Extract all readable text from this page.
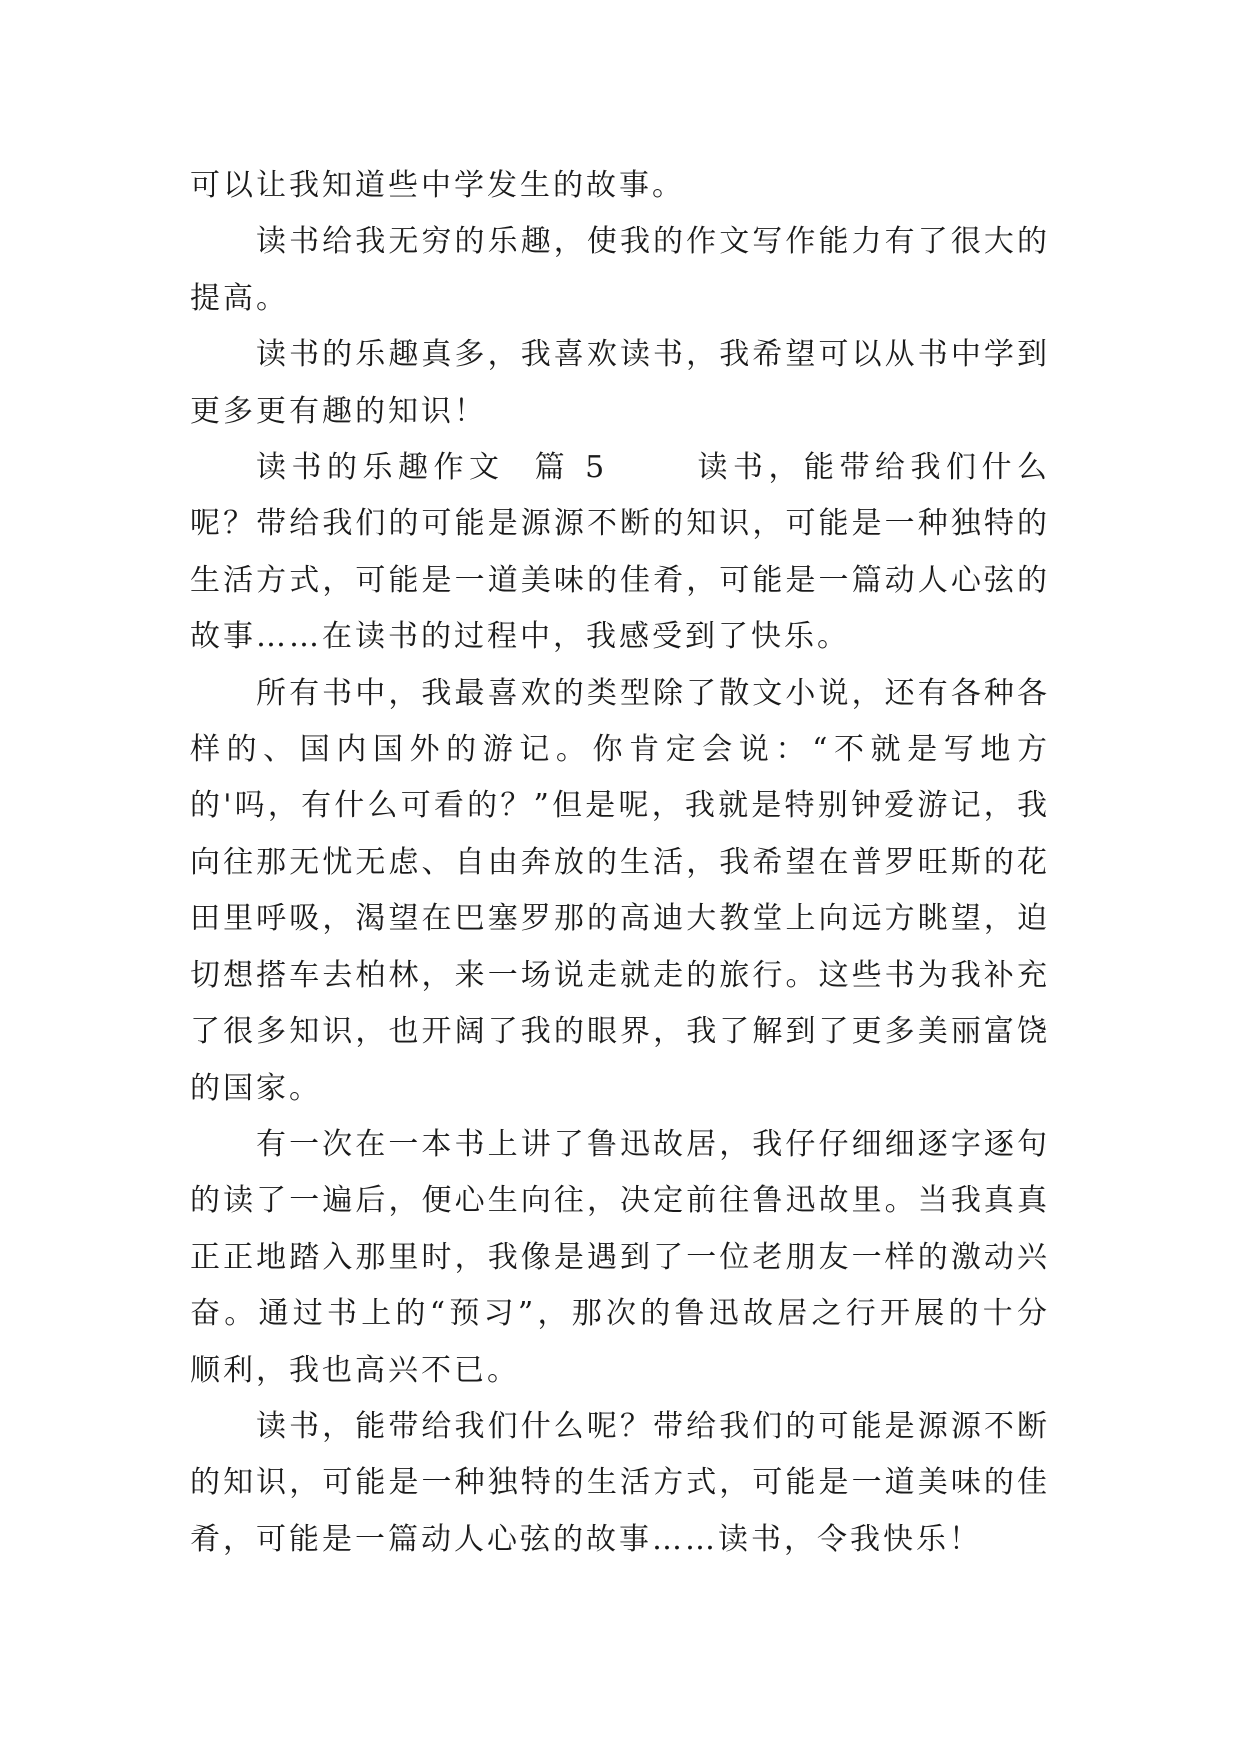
可以让我知道些中学发生的故事。

读书给我无穷的乐趣，使我的作文写作能力有了很大的提高。

读书的乐趣真多，我喜欢读书，我希望可以从书中学到更多更有趣的知识！

读书的乐趣作文  篇 5      读书，能带给我们什么呢？带给我们的可能是源源不断的知识，可能是一种独特的生活方式，可能是一道美味的佳肴，可能是一篇动人心弦的故事……在读书的过程中，我感受到了快乐。

所有书中，我最喜欢的类型除了散文小说，还有各种各样的、国内国外的游记。你肯定会说：“不就是写地方的'吗，有什么可看的？”但是呢，我就是特别钟爱游记，我向往那无忧无虑、自由奔放的生活，我希望在普罗旺斯的花田里呼吸，渴望在巴塞罗那的高迪大教堂上向远方眺望，迫切想搭车去柏林，来一场说走就走的旅行。这些书为我补充了很多知识，也开阔了我的眼界，我了解到了更多美丽富饶的国家。

有一次在一本书上讲了鲁迅故居，我仔仔细细逐字逐句的读了一遍后，便心生向往，决定前往鲁迅故里。当我真真正正地踏入那里时，我像是遇到了一位老朋友一样的激动兴奋。通过书上的“预习”，那次的鲁迅故居之行开展的十分顺利，我也高兴不已。

读书，能带给我们什么呢？带给我们的可能是源源不断的知识，可能是一种独特的生活方式，可能是一道美味的佳肴，可能是一篇动人心弦的故事……读书，令我快乐！
